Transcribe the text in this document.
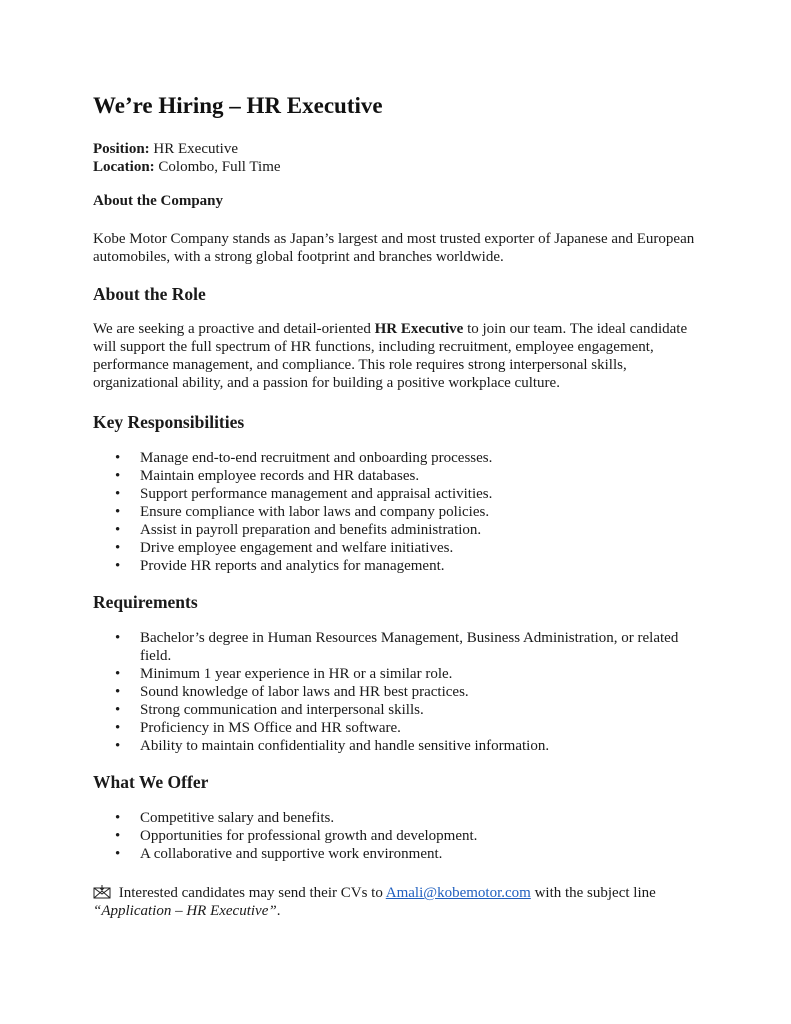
We’re Hiring – HR Executive
Position: HR Executive
Location: Colombo, Full Time
About the Company

Kobe Motor Company stands as Japan’s largest and most trusted exporter of Japanese and European automobiles, with a strong global footprint and branches worldwide.

About the Role

We are seeking a proactive and detail-oriented HR Executive to join our team. The ideal candidate will support the full spectrum of HR functions, including recruitment, employee engagement, performance management, and compliance. This role requires strong interpersonal skills, organizational ability, and a passion for building a positive workplace culture.

Key Responsibilities
• Manage end-to-end recruitment and onboarding processes.
• Maintain employee records and HR databases.
• Support performance management and appraisal activities.
• Ensure compliance with labor laws and company policies.
• Assist in payroll preparation and benefits administration.
• Drive employee engagement and welfare initiatives.
• Provide HR reports and analytics for management.
Requirements
• Bachelor’s degree in Human Resources Management, Business Administration, or related field.
• Minimum 1 year experience in HR or a similar role.
• Sound knowledge of labor laws and HR best practices.
• Strong communication and interpersonal skills.
• Proficiency in MS Office and HR software.
• Ability to maintain confidentiality and handle sensitive information.
What We Offer
• Competitive salary and benefits.
• Opportunities for professional growth and development.
• A collaborative and supportive work environment.
Interested candidates may send their CVs to Amali@kobemotor.com with the subject line
“Application – HR Executive”.
